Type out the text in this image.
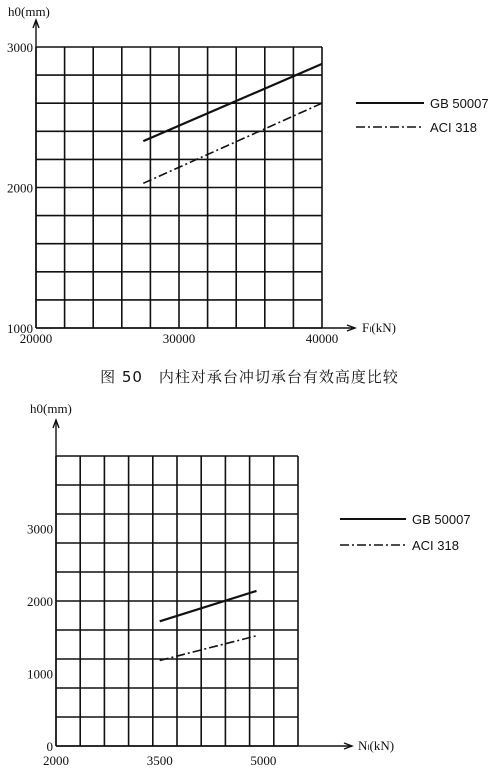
h0(mm)
Fₗ(kN)
20000	30000	40000
3000
2000
1000
GB 50007
ACI 318
h0(mm)
Nₗ(kN)
2000	3500	5000
3000
2000
1000
0
GB 50007
ACI 318
图 50　内柱对承台冲切承台有效高度比较
